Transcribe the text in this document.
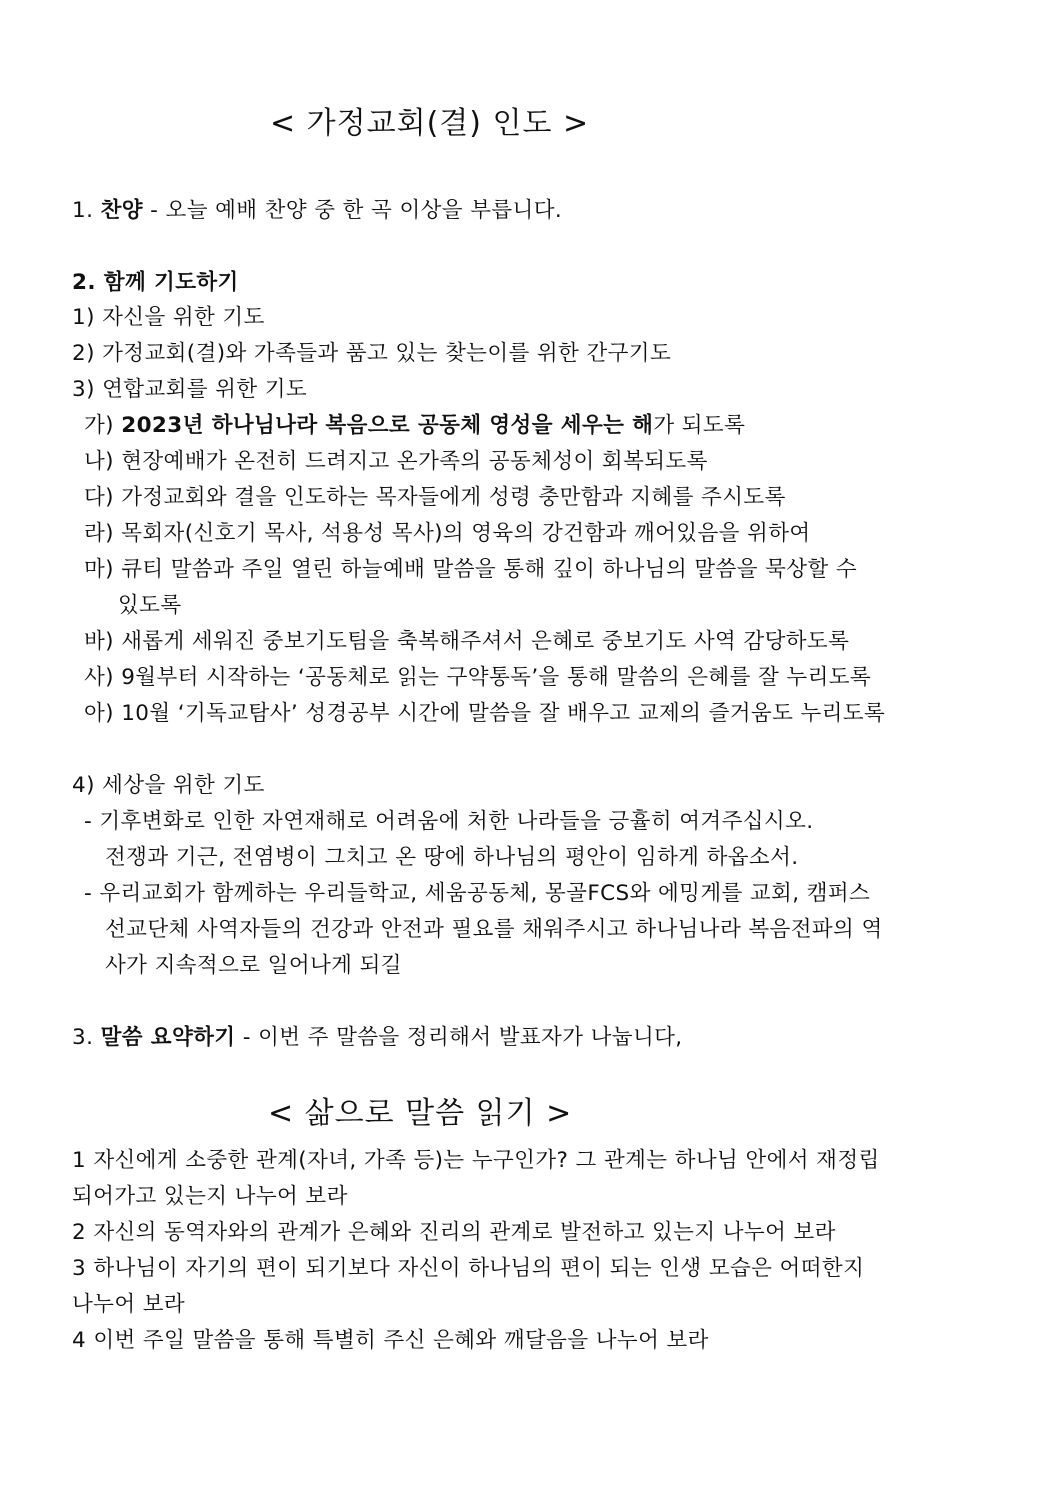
< 가정교회(결) 인도 >
1. 찬양 - 오늘 예배 찬양 중 한 곡 이상을 부릅니다.
2. 함께 기도하기
1) 자신을 위한 기도
2) 가정교회(결)와 가족들과 품고 있는 찾는이를 위한 간구기도
3) 연합교회를 위한 기도
가) 2023년 하나님나라 복음으로 공동체 영성을 세우는 해가 되도록
나) 현장예배가 온전히 드려지고 온가족의 공동체성이 회복되도록
다) 가정교회와 결을 인도하는 목자들에게 성령 충만함과 지혜를 주시도록
라) 목회자(신호기 목사, 석용성 목사)의 영육의 강건함과 깨어있음을 위하여
마) 큐티 말씀과 주일 열린 하늘예배 말씀을 통해 깊이 하나님의 말씀을 묵상할 수
있도록
바) 새롭게 세워진 중보기도팀을 축복해주셔서 은혜로 중보기도 사역 감당하도록
사) 9월부터 시작하는 ‘공동체로 읽는 구약통독’을 통해 말씀의 은혜를 잘 누리도록
아) 10월 ‘기독교탐사’ 성경공부 시간에 말씀을 잘 배우고 교제의 즐거움도 누리도록
4) 세상을 위한 기도
- 기후변화로 인한 자연재해로 어려움에 처한 나라들을 긍휼히 여겨주십시오.
전쟁과 기근, 전염병이 그치고 온 땅에 하나님의 평안이 임하게 하옵소서.
- 우리교회가 함께하는 우리들학교, 세움공동체, 몽골FCS와 에밍게를 교회, 캠퍼스
선교단체 사역자들의 건강과 안전과 필요를 채워주시고 하나님나라 복음전파의 역
사가 지속적으로 일어나게 되길
3. 말씀 요약하기 - 이번 주 말씀을 정리해서 발표자가 나눕니다,
< 삶으로 말씀 읽기 >
1 자신에게 소중한 관계(자녀, 가족 등)는 누구인가? 그 관계는 하나님 안에서 재정립
되어가고 있는지 나누어 보라
2 자신의 동역자와의 관계가 은혜와 진리의 관계로 발전하고 있는지 나누어 보라
3 하나님이 자기의 편이 되기보다 자신이 하나님의 편이 되는 인생 모습은 어떠한지
나누어 보라
4 이번 주일 말씀을 통해 특별히 주신 은혜와 깨달음을 나누어 보라
